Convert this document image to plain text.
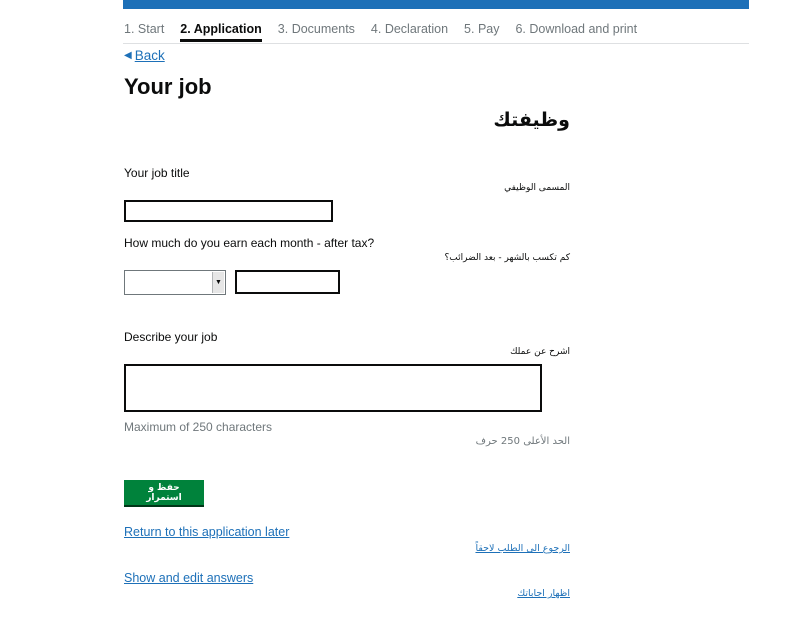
1. Start 2. Application 3. Documents 4. Declaration 5. Pay 6. Download and print
◀ Back
Your job
وظيفتك
Your job title
المسمى الوظيفي
How much do you earn each month - after tax?
كم تكسب بالشهر - بعد الضرائب؟
▼
Describe your job
اشرح عن عملك
Maximum of 250 characters
الحد الأعلى 250 حرف
حفظ و استمرار
Return to this application later
الرجوع الى الطلب لاحقاً
Show and edit answers
اظهار اجاباتك
